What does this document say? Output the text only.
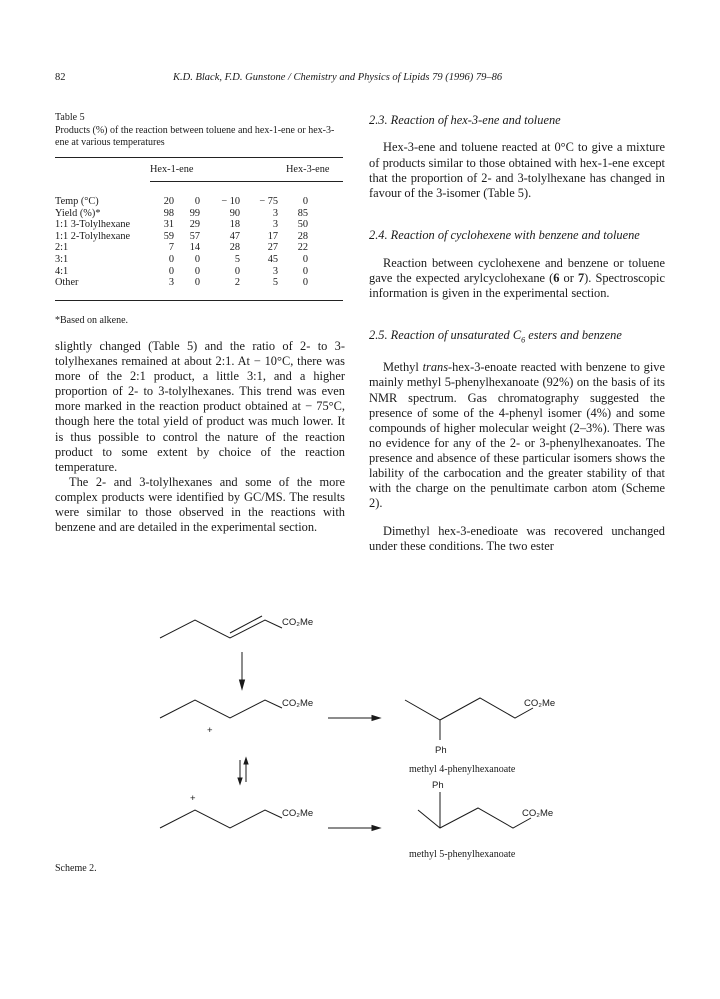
82	K.D. Black, F.D. Gunstone / Chemistry and Physics of Lipids 79 (1996) 79–86
Table 5
Products (%) of the reaction between toluene and hex-1-ene or hex-3-ene at various temperatures
Hex-1-ene	Hex-3-ene
Temp (°C)	20	0	− 10	− 75	0	
Yield (%)*	98	99	90	3	85	
1:1 3-Tolylhexane	31	29	18	3	50	
1:1 2-Tolylhexane	59	57	47	17	28	
2:1	7	14	28	27	22	
3:1	0	0	5	45	0	
4:1	0	0	0	3	0	
Other	3	0	2	5	0	
*Based on alkene.

slightly changed (Table 5) and the ratio of 2- to 3-tolylhexanes remained at about 2:1. At − 10°C, there was more of the 2:1 product, a little 3:1, and a higher proportion of 2- to 3-tolylhexanes. This trend was even more marked in the reaction product obtained at − 75°C, though here the total yield of product was much lower. It is thus possible to control the nature of the reaction product to some extent by choice of the reaction temperature.

The 2- and 3-tolylhexanes and some of the more complex products were identified by GC/MS. The results were similar to those observed in the reactions with benzene and are detailed in the experimental section.

2.3. Reaction of hex-3-ene and toluene

Hex-3-ene and toluene reacted at 0°C to give a mixture of products similar to those obtained with hex-1-ene except that the proportion of 2- and 3-tolylhexane has changed in favour of the 3-isomer (Table 5).

2.4. Reaction of cyclohexene with benzene and toluene

Reaction between cyclohexene and benzene or toluene gave the expected arylcyclohexane (6 or 7). Spectroscopic information is given in the experimental section.

2.5. Reaction of unsaturated $C_6$ esters and benzene

Methyl trans-hex-3-enoate reacted with benzene to give mainly methyl 5-phenylhexanoate (92%) on the basis of its NMR spectrum. Gas chromatography suggested the presence of some of the 4-phenyl isomer (4%) and some compounds of higher molecular weight (2–3%). There was no evidence for any of the 2- or 3-phenylhexanoates. The presence and absence of these particular isomers shows the lability of the carbocation and the greater stability of that with the charge on the penultimate carbon atom (Scheme 2).

Dimethyl hex-3-enedioate was recovered unchanged under these conditions. The two ester

CO₂Me
CO₂Me
+
CO₂Me
+
CO₂Me
Ph
CO₂Me
Ph
methyl 4-phenylhexanoate
methyl 5-phenylhexanoate
Scheme 2.
